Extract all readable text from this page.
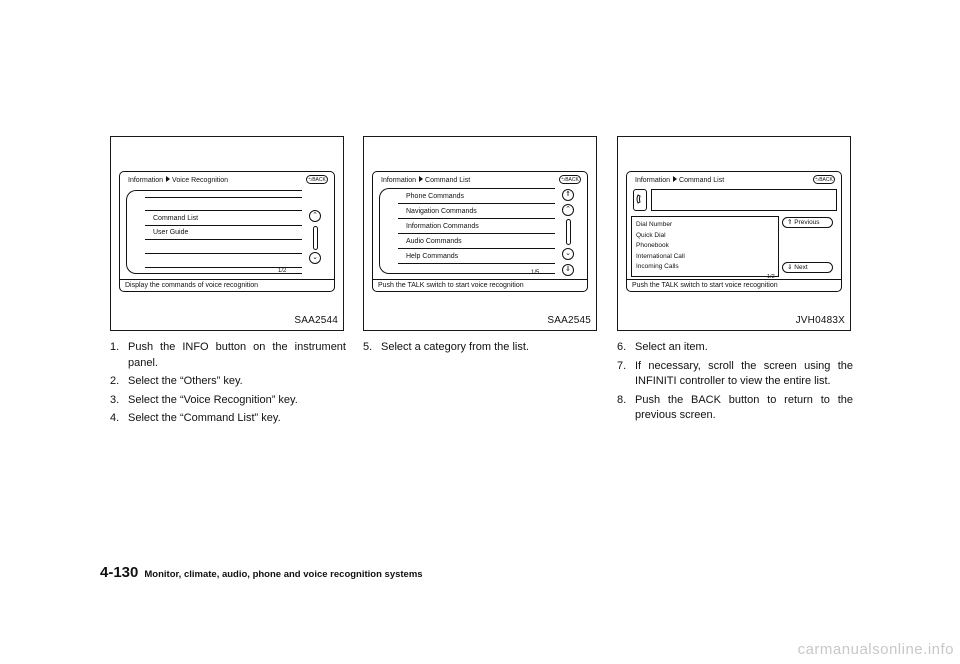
Information Voice Recognition	⮌BACK
Command List
User Guide
⌃
⌄
1/2
Display the commands of voice recognition
SAA2544
Information Command List	⮌BACK
Phone Commands
Navigation Commands
Information Commands
Audio Commands
Help Commands
⇑
⌃
⌄
⇓
1/5
Push the TALK switch to start voice recognition
SAA2545
Information Command List	⮌BACK
Dial Number
Quick Dial
Phonebook
International Call
Incoming Calls
⇑ Previous
⇓ Next
1/2
Push the TALK switch to start voice recognition
JVH0483X
1. Push the INFO button on the instrument panel.
2. Select the “Others” key.
3. Select the “Voice Recognition” key.
4. Select the “Command List” key.
5. Select a category from the list.	6. Select an item.
7. If necessary, scroll the screen using the INFINITI controller to view the entire list.
8. Push the BACK button to return to the previous screen.
4-130 Monitor, climate, audio, phone and voice recognition systems
carmanualsonline.info
